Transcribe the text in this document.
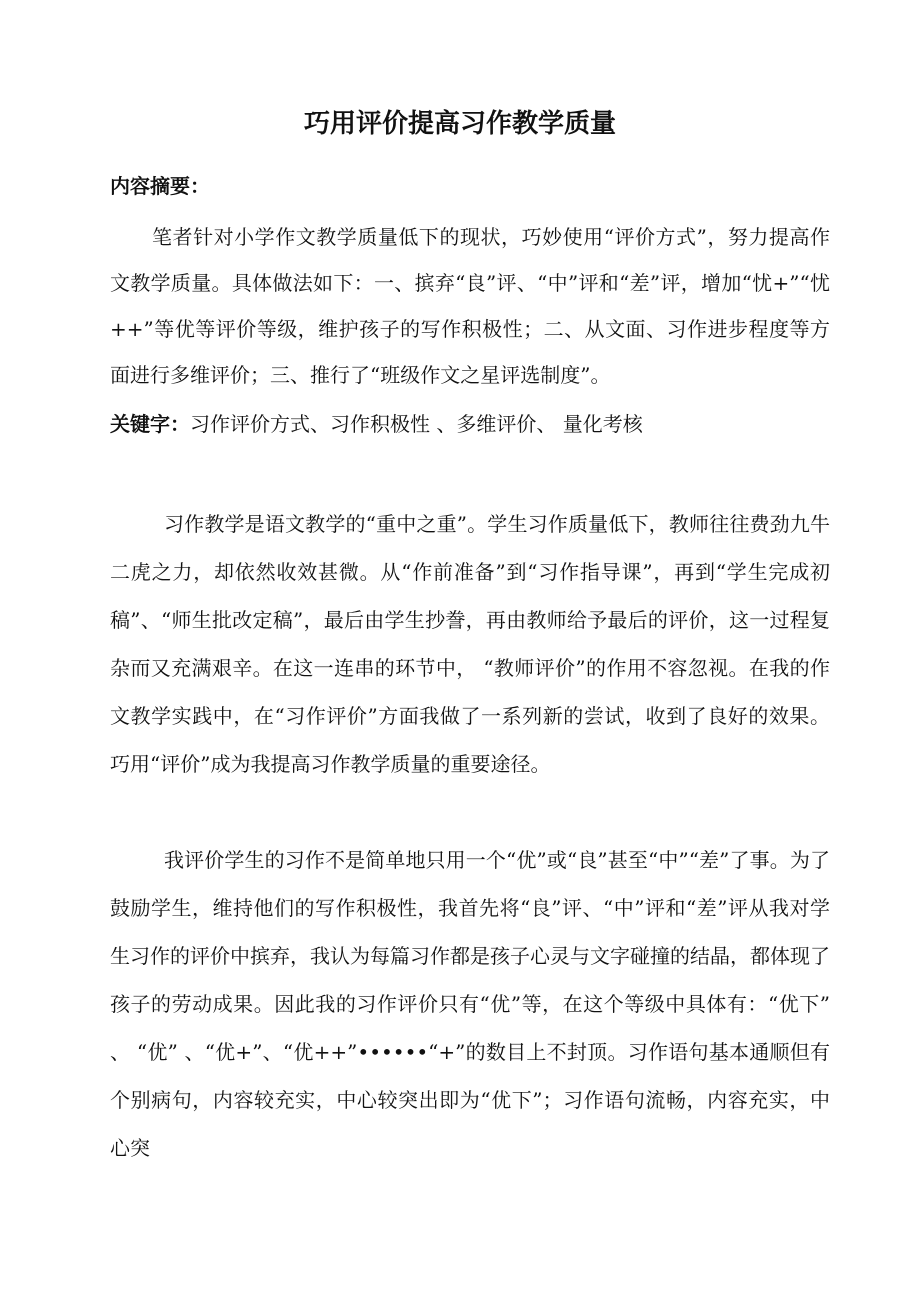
巧用评价提高习作教学质量

内容摘要：

笔者针对小学作文教学质量低下的现状，巧妙使用“评价方式”，努力提高作文教学质量。具体做法如下：一、摈弃“良”评、“中”评和“差”评，增加“忧+”“忧++”等优等评价等级，维护孩子的写作积极性；二、从文面、习作进步程度等方面进行多维评价；三、推行了“班级作文之星评选制度”。

关键字：习作评价方式、习作积极性 、多维评价、 量化考核

习作教学是语文教学的“重中之重”。学生习作质量低下，教师往往费劲九牛二虎之力，却依然收效甚微。从“作前准备”到“习作指导课”，再到“学生完成初稿”、“师生批改定稿”，最后由学生抄誊，再由教师给予最后的评价，这一过程复杂而又充满艰辛。在这一连串的环节中， “教师评价”的作用不容忽视。在我的作文教学实践中，在“习作评价”方面我做了一系列新的尝试，收到了良好的效果。巧用“评价”成为我提高习作教学质量的重要途径。

我评价学生的习作不是简单地只用一个“优”或“良”甚至“中”“差”了事。为了鼓励学生，维持他们的写作积极性，我首先将“良”评、“中”评和“差”评从我对学生习作的评价中摈弃，我认为每篇习作都是孩子心灵与文字碰撞的结晶，都体现了孩子的劳动成果。因此我的习作评价只有“优”等，在这个等级中具体有：“优下” 、 “优” 、“优+”、“优++”••••••“+”的数目上不封顶。习作语句基本通顺但有个别病句，内容较充实，中心较突出即为“优下”；习作语句流畅，内容充实，中心突
